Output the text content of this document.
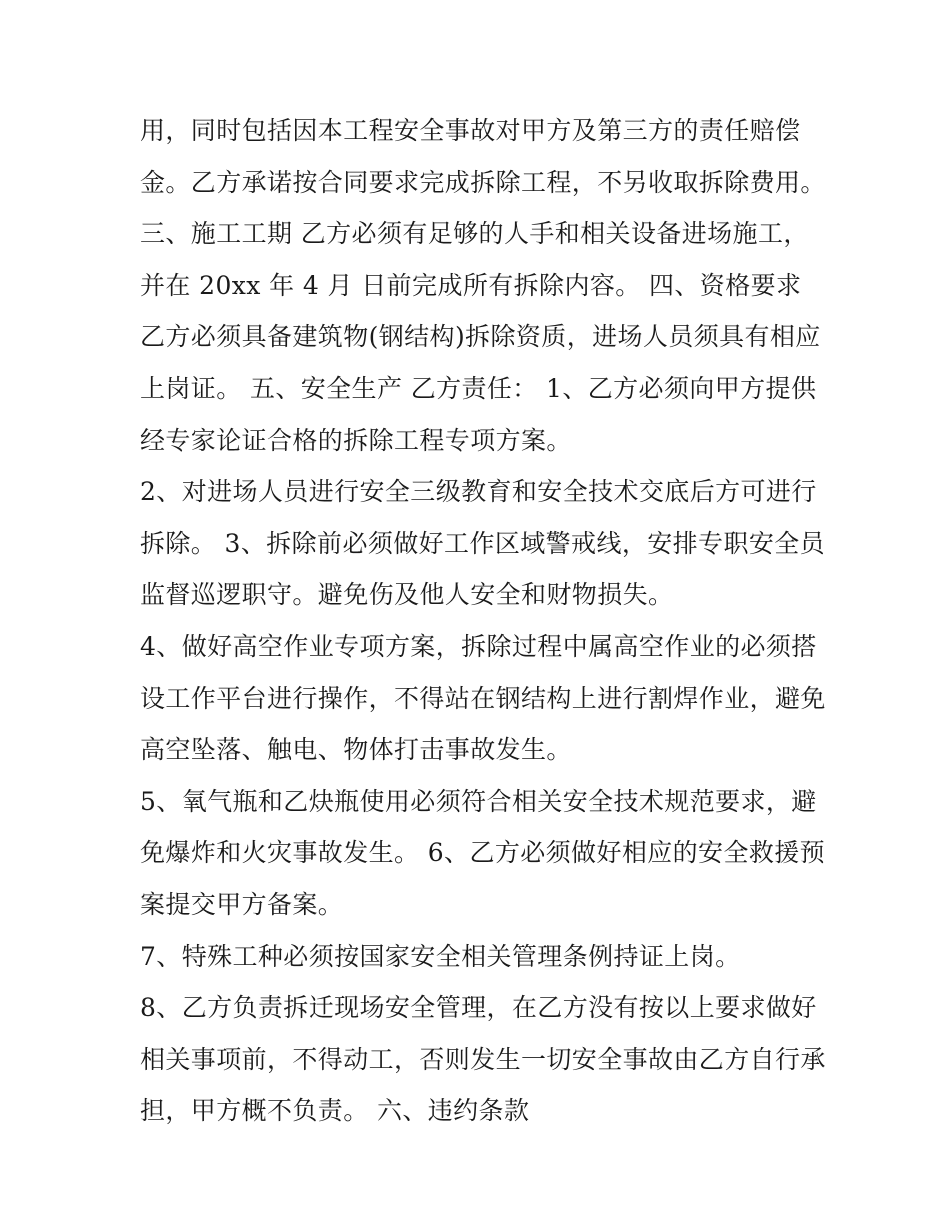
用，同时包括因本工程安全事故对甲方及第三方的责任赔偿
金。乙方承诺按合同要求完成拆除工程，不另收取拆除费用。
三、施工工期 乙方必须有足够的人手和相关设备进场施工，
并在 20xx 年 4 月 日前完成所有拆除内容。 四、资格要求
乙方必须具备建筑物(钢结构)拆除资质，进场人员须具有相应
上岗证。 五、安全生产 乙方责任： 1、乙方必须向甲方提供
经专家论证合格的拆除工程专项方案。
2、对进场人员进行安全三级教育和安全技术交底后方可进行
拆除。 3、拆除前必须做好工作区域警戒线，安排专职安全员
监督巡逻职守。避免伤及他人安全和财物损失。
4、做好高空作业专项方案，拆除过程中属高空作业的必须搭
设工作平台进行操作，不得站在钢结构上进行割焊作业，避免
高空坠落、触电、物体打击事故发生。
5、氧气瓶和乙炔瓶使用必须符合相关安全技术规范要求，避
免爆炸和火灾事故发生。 6、乙方必须做好相应的安全救援预
案提交甲方备案。
7、特殊工种必须按国家安全相关管理条例持证上岗。
8、乙方负责拆迁现场安全管理，在乙方没有按以上要求做好
相关事项前，不得动工，否则发生一切安全事故由乙方自行承
担，甲方概不负责。 六、违约条款
